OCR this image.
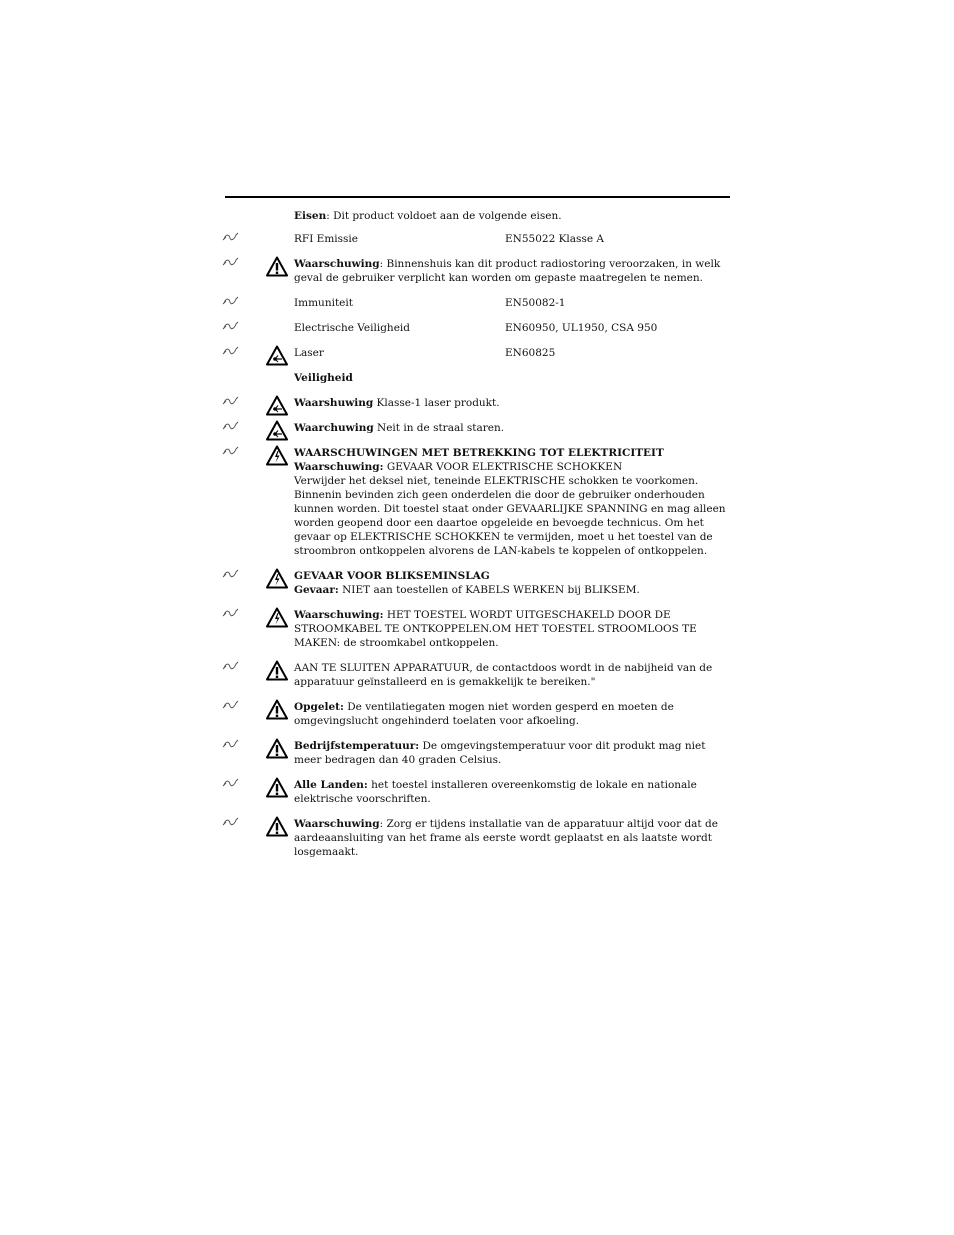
Eisen: Dit product voldoet aan de volgende eisen.
RFI Emissie	EN55022 Klasse A
Waarschuwing: Binnenshuis kan dit product radiostoring veroorzaken, in welk geval de gebruiker verplicht kan worden om gepaste maatregelen te nemen.
Immuniteit	EN50082-1
Electrische Veiligheid	EN60950, UL1950, CSA 950
Laser	EN60825
Veiligheid
Waarshuwing Klasse-1 laser produkt.
Waarchuwing Neit in de straal staren.
WAARSCHUWINGEN MET BETREKKING TOT ELEKTRICITEIT
Waarschuwing: GEVAAR VOOR ELEKTRISCHE SCHOKKEN
Verwijder het deksel niet, teneinde ELEKTRISCHE schokken te voorkomen. Binnenin bevinden zich geen onderdelen die door de gebruiker onderhouden kunnen worden. Dit toestel staat onder GEVAARLIJKE SPANNING en mag alleen worden geopend door een daartoe opgeleide en bevoegde technicus. Om het gevaar op ELEKTRISCHE SCHOKKEN te vermijden, moet u het toestel van de stroombron ontkoppelen alvorens de LAN-kabels te koppelen of ontkoppelen.
GEVAAR VOOR BLIKSEMINSLAG
Gevaar: NIET aan toestellen of KABELS WERKEN bij BLIKSEM.
Waarschuwing: HET TOESTEL WORDT UITGESCHAKELD DOOR DE STROOMKABEL TE ONTKOPPELEN.OM HET TOESTEL STROOMLOOS TE MAKEN: de stroomkabel ontkoppelen.
AAN TE SLUITEN APPARATUUR, de contactdoos wordt in de nabijheid van de apparatuur geïnstalleerd en is gemakkelijk te bereiken."
Opgelet: De ventilatiegaten mogen niet worden gesperd en moeten de omgevingslucht ongehinderd toelaten voor afkoeling.
Bedrijfstemperatuur: De omgevingstemperatuur voor dit produkt mag niet meer bedragen dan 40 graden Celsius.
Alle Landen: het toestel installeren overeenkomstig de lokale en nationale elektrische voorschriften.
Waarschuwing: Zorg er tijdens installatie van de apparatuur altijd voor dat de aardeaansluiting van het frame als eerste wordt geplaatst en als laatste wordt losgemaakt.
